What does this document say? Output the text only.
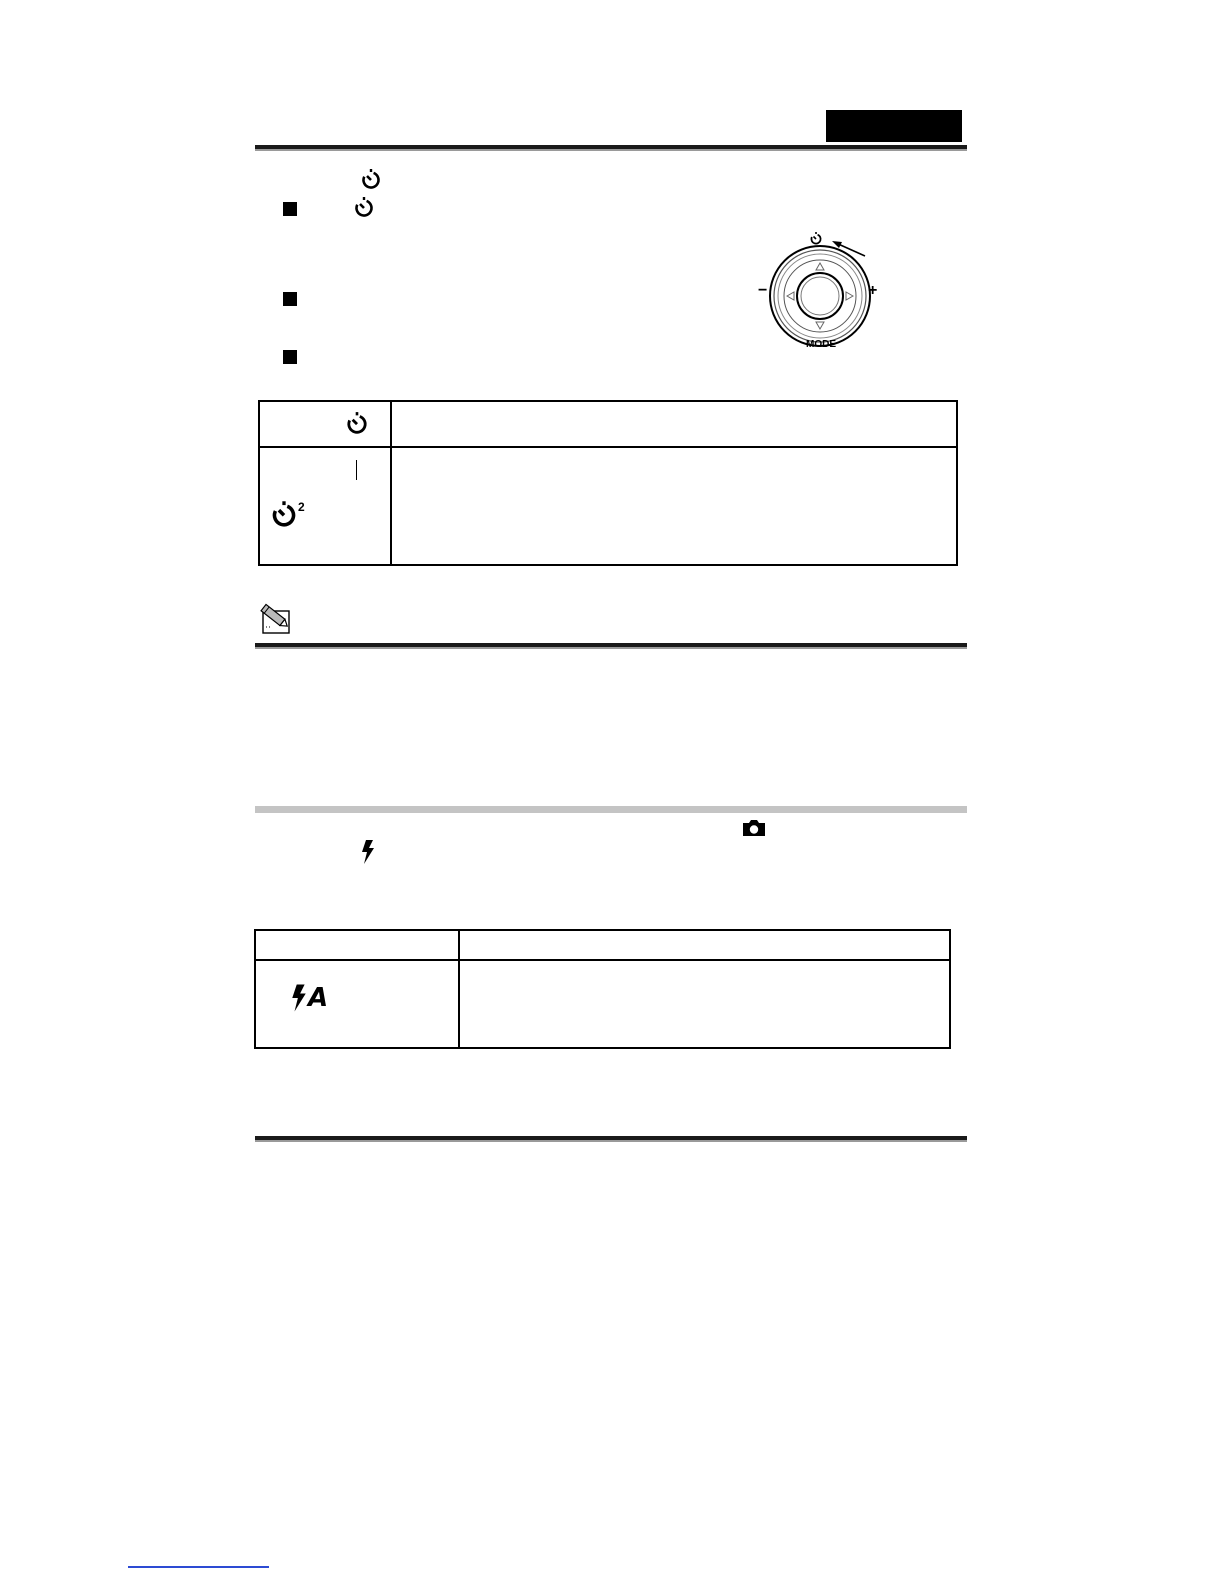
−	+
MODE

2	

A	
